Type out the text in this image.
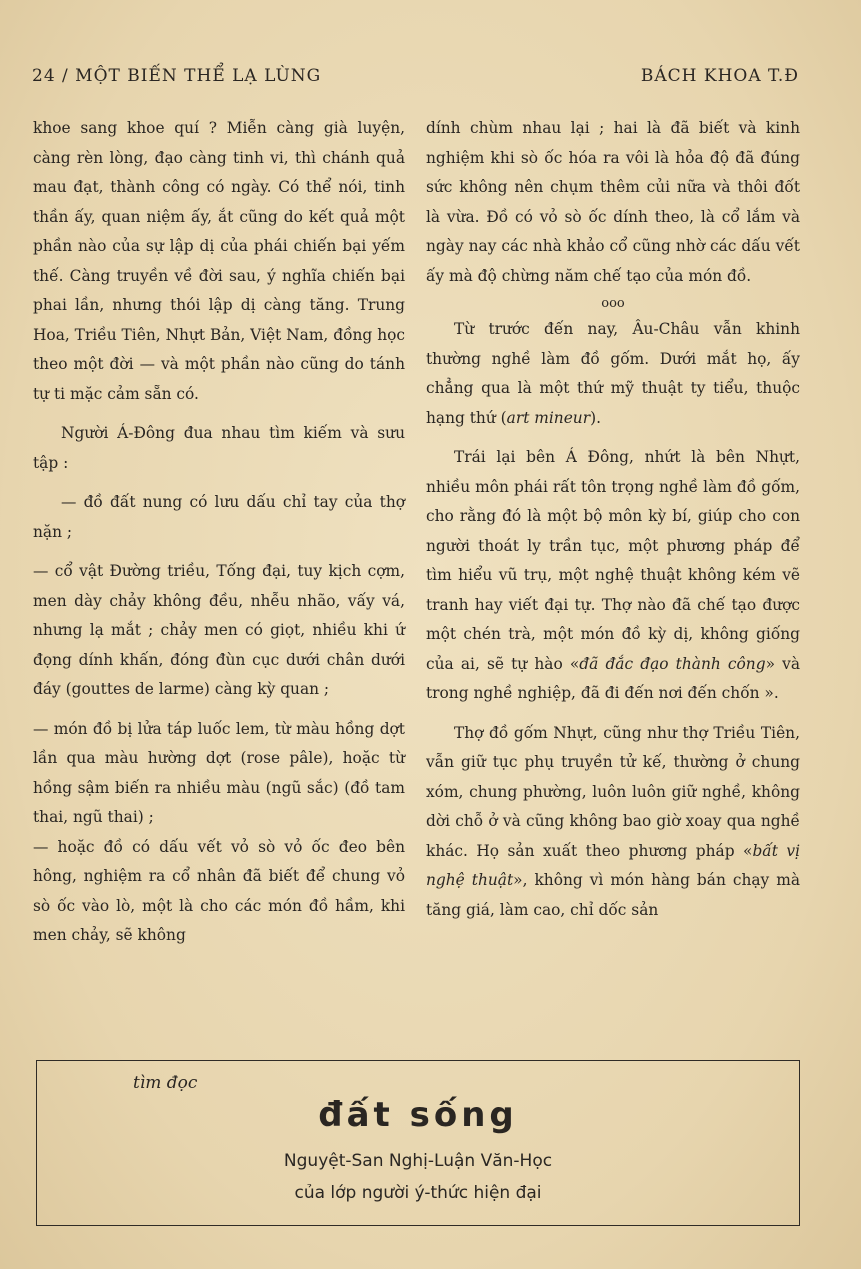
24 / MỘT BIẾN THỂ LẠ LÙNG	BÁCH KHOA T.Đ

khoe sang khoe quí ? Miễn càng già luyện, càng rèn lòng, đạo càng tinh vi, thì chánh quả mau đạt, thành công có ngày. Có thể nói, tinh thần ấy, quan niệm ấy, ắt cũng do kết quả một phần nào của sự lập dị của phái chiến bại yếm thế. Càng truyền về đời sau, ý nghĩa chiến bại phai lần, nhưng thói lập dị càng tăng. Trung Hoa, Triều Tiên, Nhựt Bản, Việt Nam, đồng học theo một đời — và một phần nào cũng do tánh tự ti mặc cảm sẵn có.

Người Á-Đông đua nhau tìm kiếm và sưu tập :

— đồ đất nung có lưu dấu chỉ tay của thợ nặn ;

— cổ vật Đường triều, Tống đại, tuy kịch cợm, men dày chảy không đều, nhễu nhão, vấy vá, nhưng lạ mắt ; chảy men có giọt, nhiều khi ứ đọng dính khấn, đóng đùn cục dưới chân dưới đáy (gouttes de larme) càng kỳ quan ;

— món đồ bị lửa táp luốc lem, từ màu hồng dợt lần qua màu hường dợt (rose pâle), hoặc từ hồng sậm biến ra nhiều màu (ngũ sắc) (đồ tam thai, ngũ thai) ;

— hoặc đồ có dấu vết vỏ sò vỏ ốc đeo bên hông, nghiệm ra cổ nhân đã biết để chung vỏ sò ốc vào lò, một là cho các món đồ hầm, khi men chảy, sẽ không

dính chùm nhau lại ; hai là đã biết và kinh nghiệm khi sò ốc hóa ra vôi là hỏa độ đã đúng sức không nên chụm thêm củi nữa và thôi đốt là vừa. Đồ có vỏ sò ốc dính theo, là cổ lắm và ngày nay các nhà khảo cổ cũng nhờ các dấu vết ấy mà độ chừng năm chế tạo của món đồ.

ooo

Từ trước đến nay, Âu-Châu vẫn khinh thường nghề làm đồ gốm. Dưới mắt họ, ấy chẳng qua là một thứ mỹ thuật ty tiểu, thuộc hạng thứ (art mineur).

Trái lại bên Á Đông, nhứt là bên Nhựt, nhiều môn phái rất tôn trọng nghề làm đồ gốm, cho rằng đó là một bộ môn kỳ bí, giúp cho con người thoát ly trần tục, một phương pháp để tìm hiểu vũ trụ, một nghệ thuật không kém vẽ tranh hay viết đại tự. Thợ nào đã chế tạo được một chén trà, một món đồ kỳ dị, không giống của ai, sẽ tự hào «đã đắc đạo thành công» và trong nghề nghiệp, đã đi đến nơi đến chốn ».

Thợ đồ gốm Nhựt, cũng như thợ Triều Tiên, vẫn giữ tục phụ truyền tử kế, thường ở chung xóm, chung phường, luôn luôn giữ nghề, không dời chỗ ở và cũng không bao giờ xoay qua nghề khác. Họ sản xuất theo phương pháp «bất vị nghệ thuật», không vì món hàng bán chạy mà tăng giá, làm cao, chỉ dốc sản

tìm đọc
đất sống
Nguyệt-San Nghị-Luận Văn-Học
của lớp người ý-thức hiện đại
